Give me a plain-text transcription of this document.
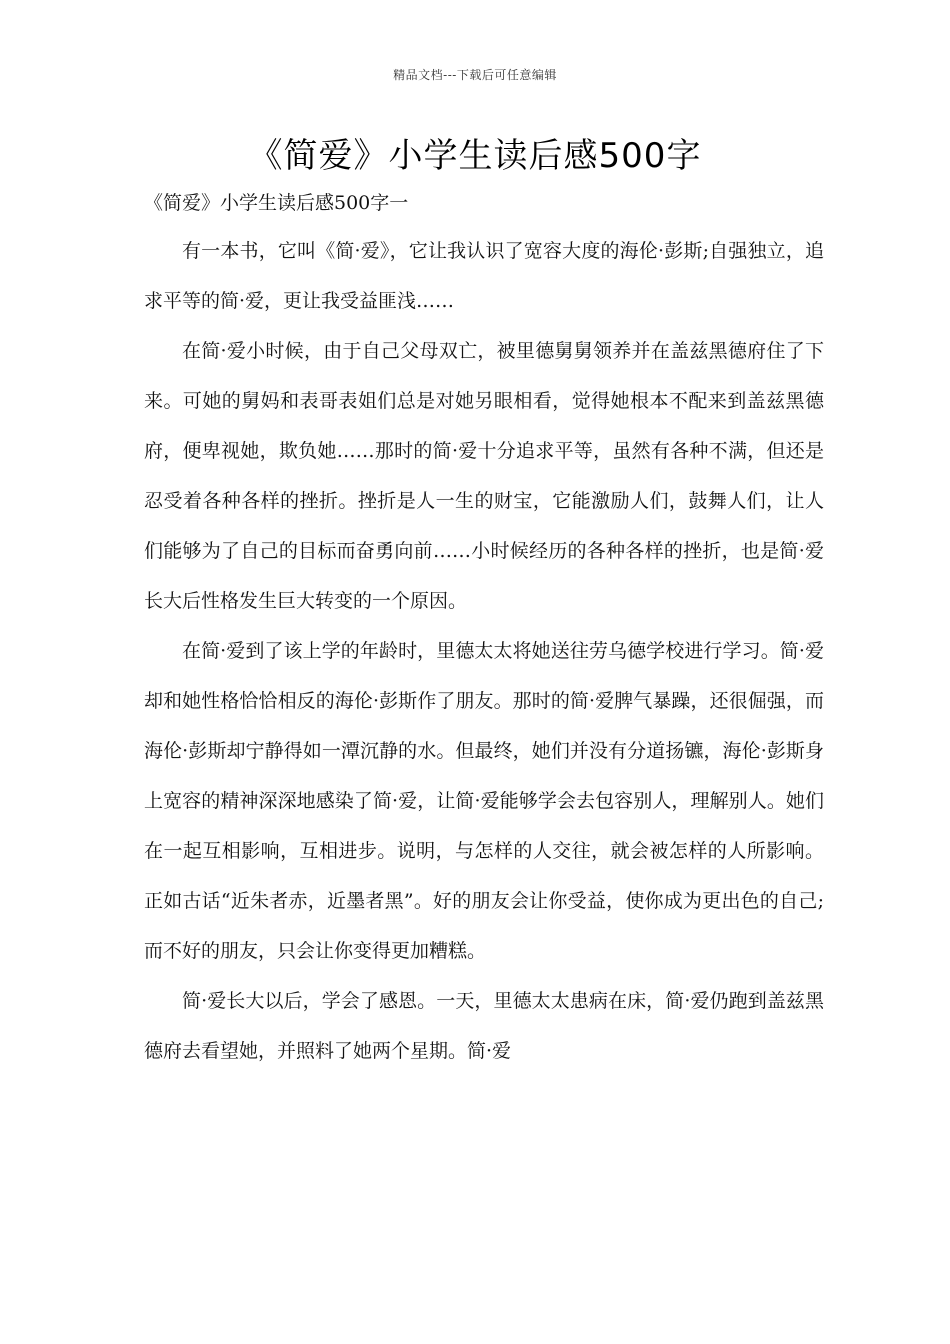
精品文档---下载后可任意编辑
《简爱》小学生读后感500字
《简爱》小学生读后感500字一

有一本书，它叫《简·爱》，它让我认识了宽容大度的海伦·彭斯;自强独立，追求平等的简·爱，更让我受益匪浅……

在简·爱小时候，由于自己父母双亡，被里德舅舅领养并在盖兹黑德府住了下来。可她的舅妈和表哥表姐们总是对她另眼相看，觉得她根本不配来到盖兹黑德府，便卑视她，欺负她……那时的简·爱十分追求平等，虽然有各种不满，但还是忍受着各种各样的挫折。挫折是人一生的财宝，它能激励人们，鼓舞人们，让人们能够为了自己的目标而奋勇向前……小时候经历的各种各样的挫折，也是简·爱长大后性格发生巨大转变的一个原因。

在简·爱到了该上学的年龄时，里德太太将她送往劳乌德学校进行学习。简·爱却和她性格恰恰相反的海伦·彭斯作了朋友。那时的简·爱脾气暴躁，还很倔强，而海伦·彭斯却宁静得如一潭沉静的水。但最终，她们并没有分道扬镳，海伦·彭斯身上宽容的精神深深地感染了简·爱，让简·爱能够学会去包容别人，理解别人。她们在一起互相影响，互相进步。说明，与怎样的人交往，就会被怎样的人所影响。正如古话“近朱者赤，近墨者黑”。好的朋友会让你受益，使你成为更出色的自己;而不好的朋友，只会让你变得更加糟糕。

简·爱长大以后，学会了感恩。一天，里德太太患病在床，简·爱仍跑到盖兹黑德府去看望她，并照料了她两个星期。简·爱
